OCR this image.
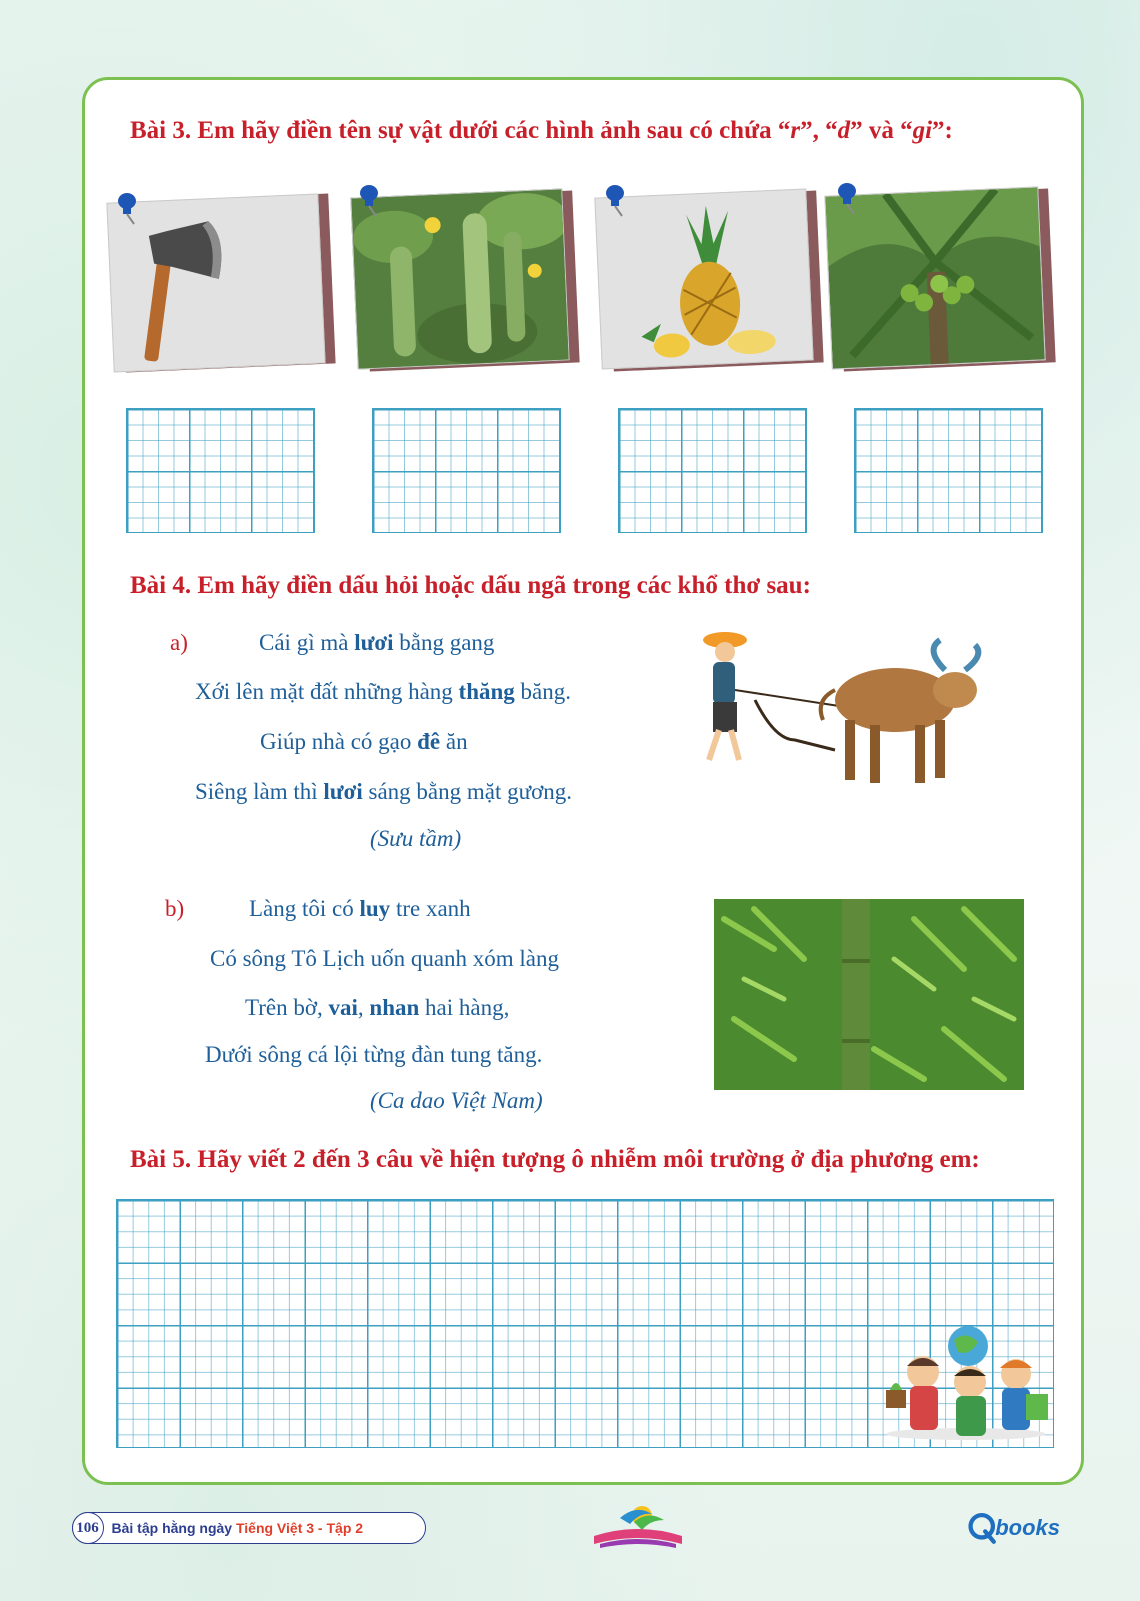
Bài 3. Em hãy điền tên sự vật dưới các hình ảnh sau có chứa “r”, “d” và “gi”:
Bài 4. Em hãy điền dấu hỏi hoặc dấu ngã trong các khổ thơ sau:
a)	Cái gì mà lươi bằng gang
Xới lên mặt đất những hàng thăng băng.
Giúp nhà có gạo đê ăn
Siêng làm thì lươi sáng bằng mặt gương.
(Sưu tầm)
b)	Làng tôi có luy tre xanh
Có sông Tô Lịch uốn quanh xóm làng
Trên bờ, vai, nhan hai hàng,
Dưới sông cá lội từng đàn tung tăng.
(Ca dao Việt Nam)
Bài 5. Hãy viết 2 đến 3 câu về hiện tượng ô nhiễm môi trường ở địa phương em:
106 Bài tập hằng ngày Tiếng Việt 3 - Tập 2	books
